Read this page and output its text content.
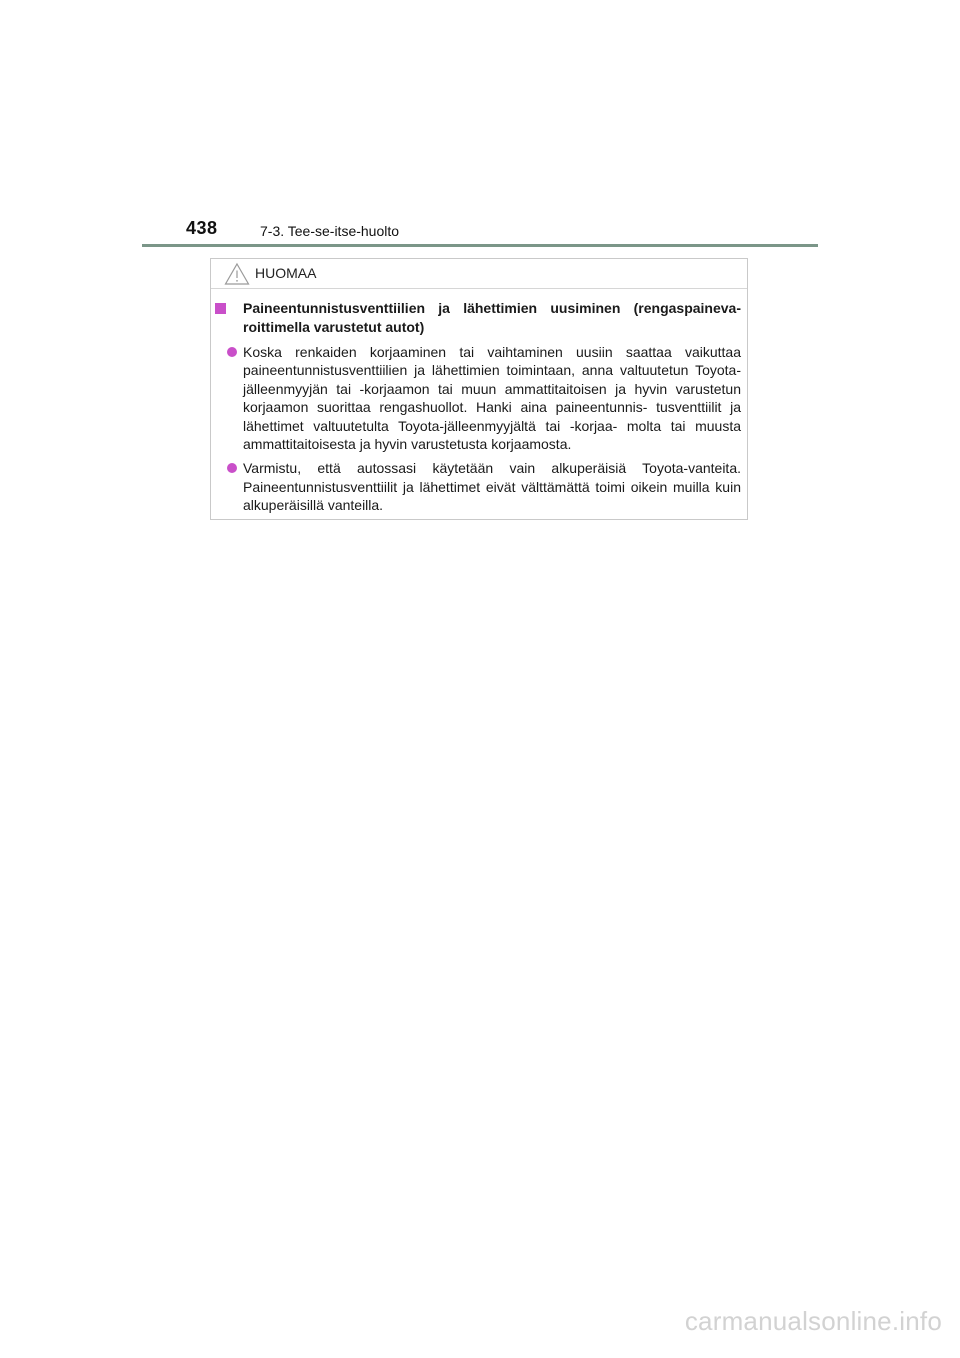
438	7-3. Tee-se-itse-huolto
HUOMAA
Paineentunnistusventtiilien ja lähettimien uusiminen (rengaspaineva- roittimella varustetut autot)
Koska renkaiden korjaaminen tai vaihtaminen uusiin saattaa vaikuttaa paineentunnistusventtiilien ja lähettimien toimintaan, anna valtuutetun Toyota-jälleenmyyjän tai -korjaamon tai muun ammattitaitoisen ja hyvin varustetun korjaamon suorittaa rengashuollot. Hanki aina paineentunnis- tusventtiilit ja lähettimet valtuutetulta Toyota-jälleenmyyjältä tai -korjaa- molta tai muusta ammattitaitoisesta ja hyvin varustetusta korjaamosta.
Varmistu, että autossasi käytetään vain alkuperäisiä Toyota-vanteita. Paineentunnistusventtiilit ja lähettimet eivät välttämättä toimi oikein muilla kuin alkuperäisillä vanteilla.
carmanualsonline.info
